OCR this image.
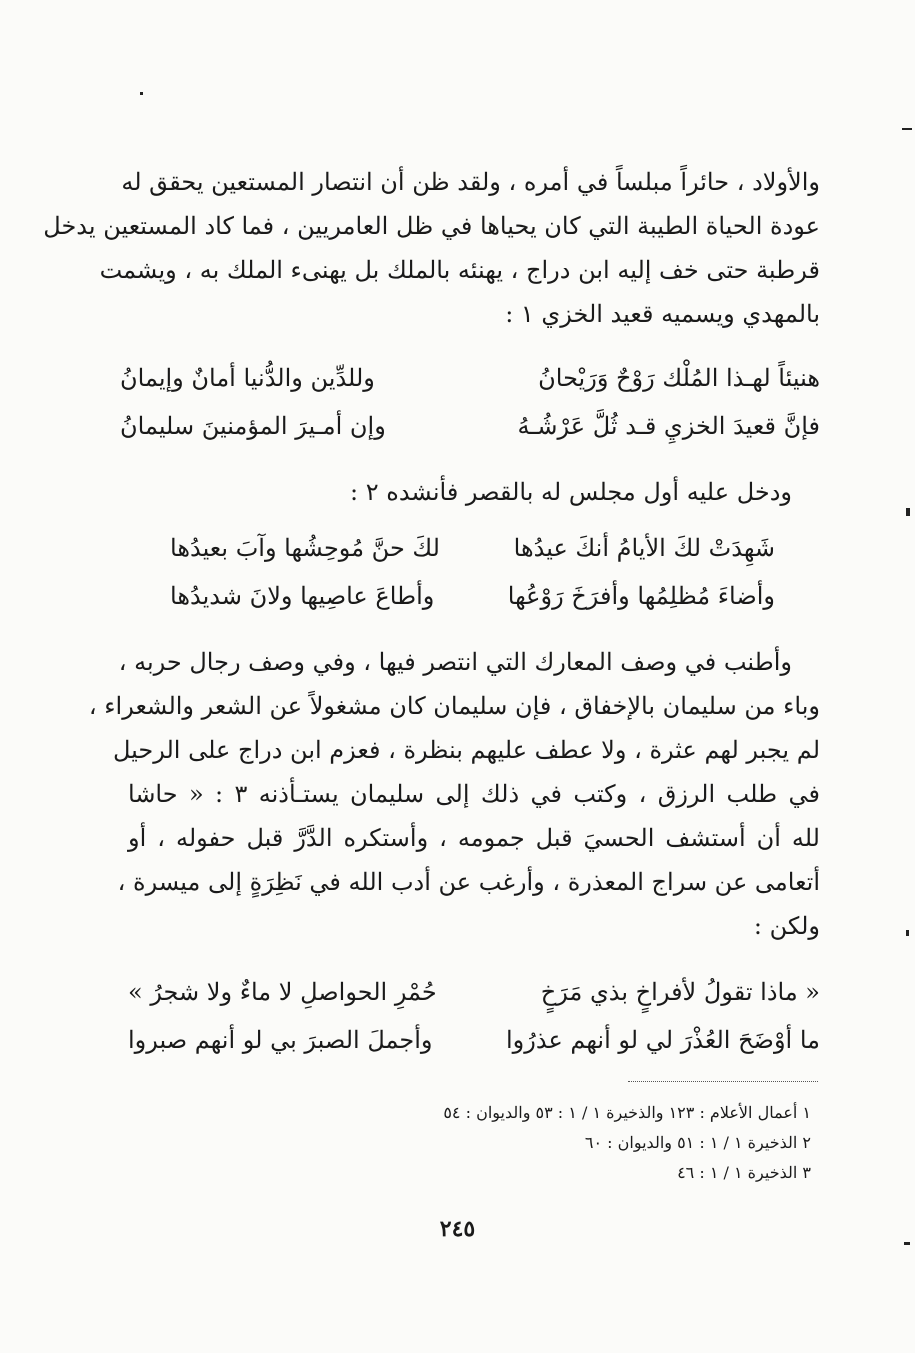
والأولاد ، حائراً مبلساً في أمره ، ولقد ظن أن انتصار المستعين يحقق له
عودة الحياة الطيبة التي كان يحياها في ظل العامريين ، فما كاد المستعين يدخل
قرطبة حتى خف إليه ابن دراج ، يهنئه بالملك بل يهنىء الملك به ، ويشمت
بالمهدي ويسميه قعيد الخزي ١ :
هنيئاً لهـذا المُلْك رَوْحٌ وَرَيْحانُ
وللدِّين والدُّنيا أمانٌ وإيمانُ
فإنَّ قعيدَ الخزيِ قـد ثُلَّ عَرْشُـهُ
وإن أمـيرَ المؤمنينَ سليمانُ
ودخل عليه أول مجلس له بالقصر فأنشده ٢ :
شَهِدَتْ لكَ الأيامُ أنكَ عيدُها
لكَ حنَّ مُوحِشُها وآبَ بعيدُها
وأضاءَ مُظلِمُها وأفرَخَ رَوْعُها
وأطاعَ عاصِيها ولانَ شديدُها
وأطنب في وصف المعارك التي انتصر فيها ، وفي وصف رجال حربه ،
وباء من سليمان بالإخفاق ، فإن سليمان كان مشغولاً عن الشعر والشعراء ،
لم يجبر لهم عثرة ، ولا عطف عليهم بنظرة ، فعزم ابن دراج على الرحيل
في طلب الرزق ، وكتب في ذلك إلى سليمان يستـأذنه ٣ : « حاشا
لله أن أستشف الحسيَ قبل جمومه ، وأستكره الدَّرَّ قبل حفوله ، أو
أتعامى عن سراج المعذرة ، وأرغب عن أدب الله في نَظِرَةٍ إلى ميسرة ،
ولكن :
« ماذا تقولُ لأفراخٍ بذي مَرَخٍ
حُمْرِ الحواصلِ لا ماءٌ ولا شجرُ »
ما أوْضَحَ العُذْرَ لي لو أنهم عذرُوا
وأجملَ الصبرَ بي لو أنهم صبروا
١ أعمال الأعلام : ١٢٣ والذخيرة ١ / ١ : ٥٣ والديوان : ٥٤
٢ الذخيرة ١ / ١ : ٥١ والديوان : ٦٠
٣ الذخيرة ١ / ١ : ٤٦
٢٤٥
